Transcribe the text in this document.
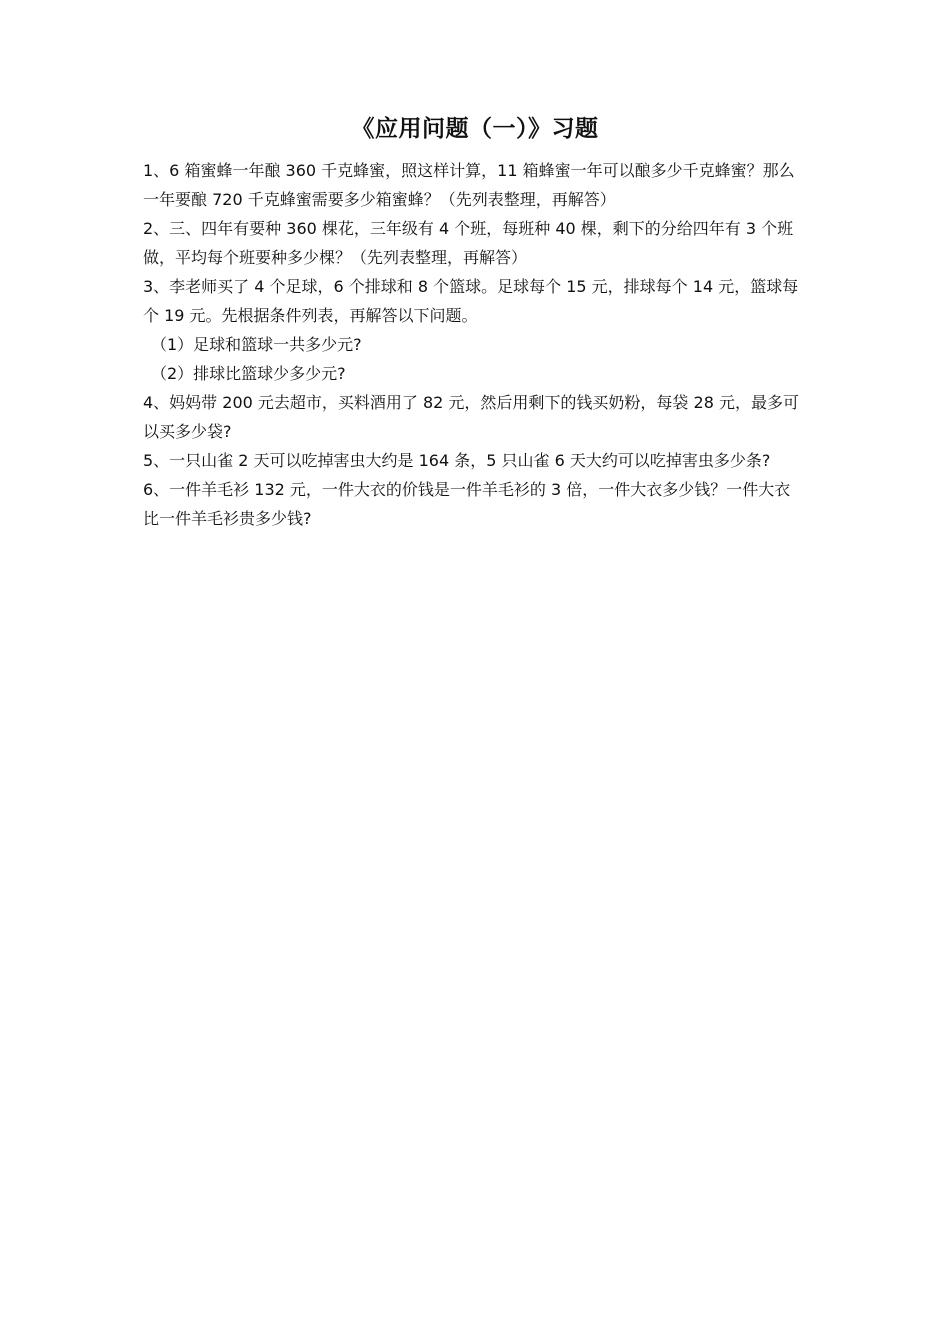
《应用问题（一）》习题
1、6 箱蜜蜂一年酿 360 千克蜂蜜，照这样计算，11 箱蜂蜜一年可以酿多少千克蜂蜜？那么
一年要酿 720 千克蜂蜜需要多少箱蜜蜂？（先列表整理，再解答）
2、三、四年有要种 360 棵花，三年级有 4 个班，每班种 40 棵，剩下的分给四年有 3 个班
做，平均每个班要种多少棵？（先列表整理，再解答）
3、李老师买了 4 个足球，6 个排球和 8 个篮球。足球每个 15 元，排球每个 14 元，篮球每
个 19 元。先根据条件列表，再解答以下问题。
（1）足球和篮球一共多少元?
（2）排球比篮球少多少元?
4、妈妈带 200 元去超市，买料酒用了 82 元，然后用剩下的钱买奶粉，每袋 28 元，最多可
以买多少袋?
5、一只山雀 2 天可以吃掉害虫大约是 164 条，5 只山雀 6 天大约可以吃掉害虫多少条?
6、一件羊毛衫 132 元，一件大衣的价钱是一件羊毛衫的 3 倍，一件大衣多少钱？一件大衣
比一件羊毛衫贵多少钱?
